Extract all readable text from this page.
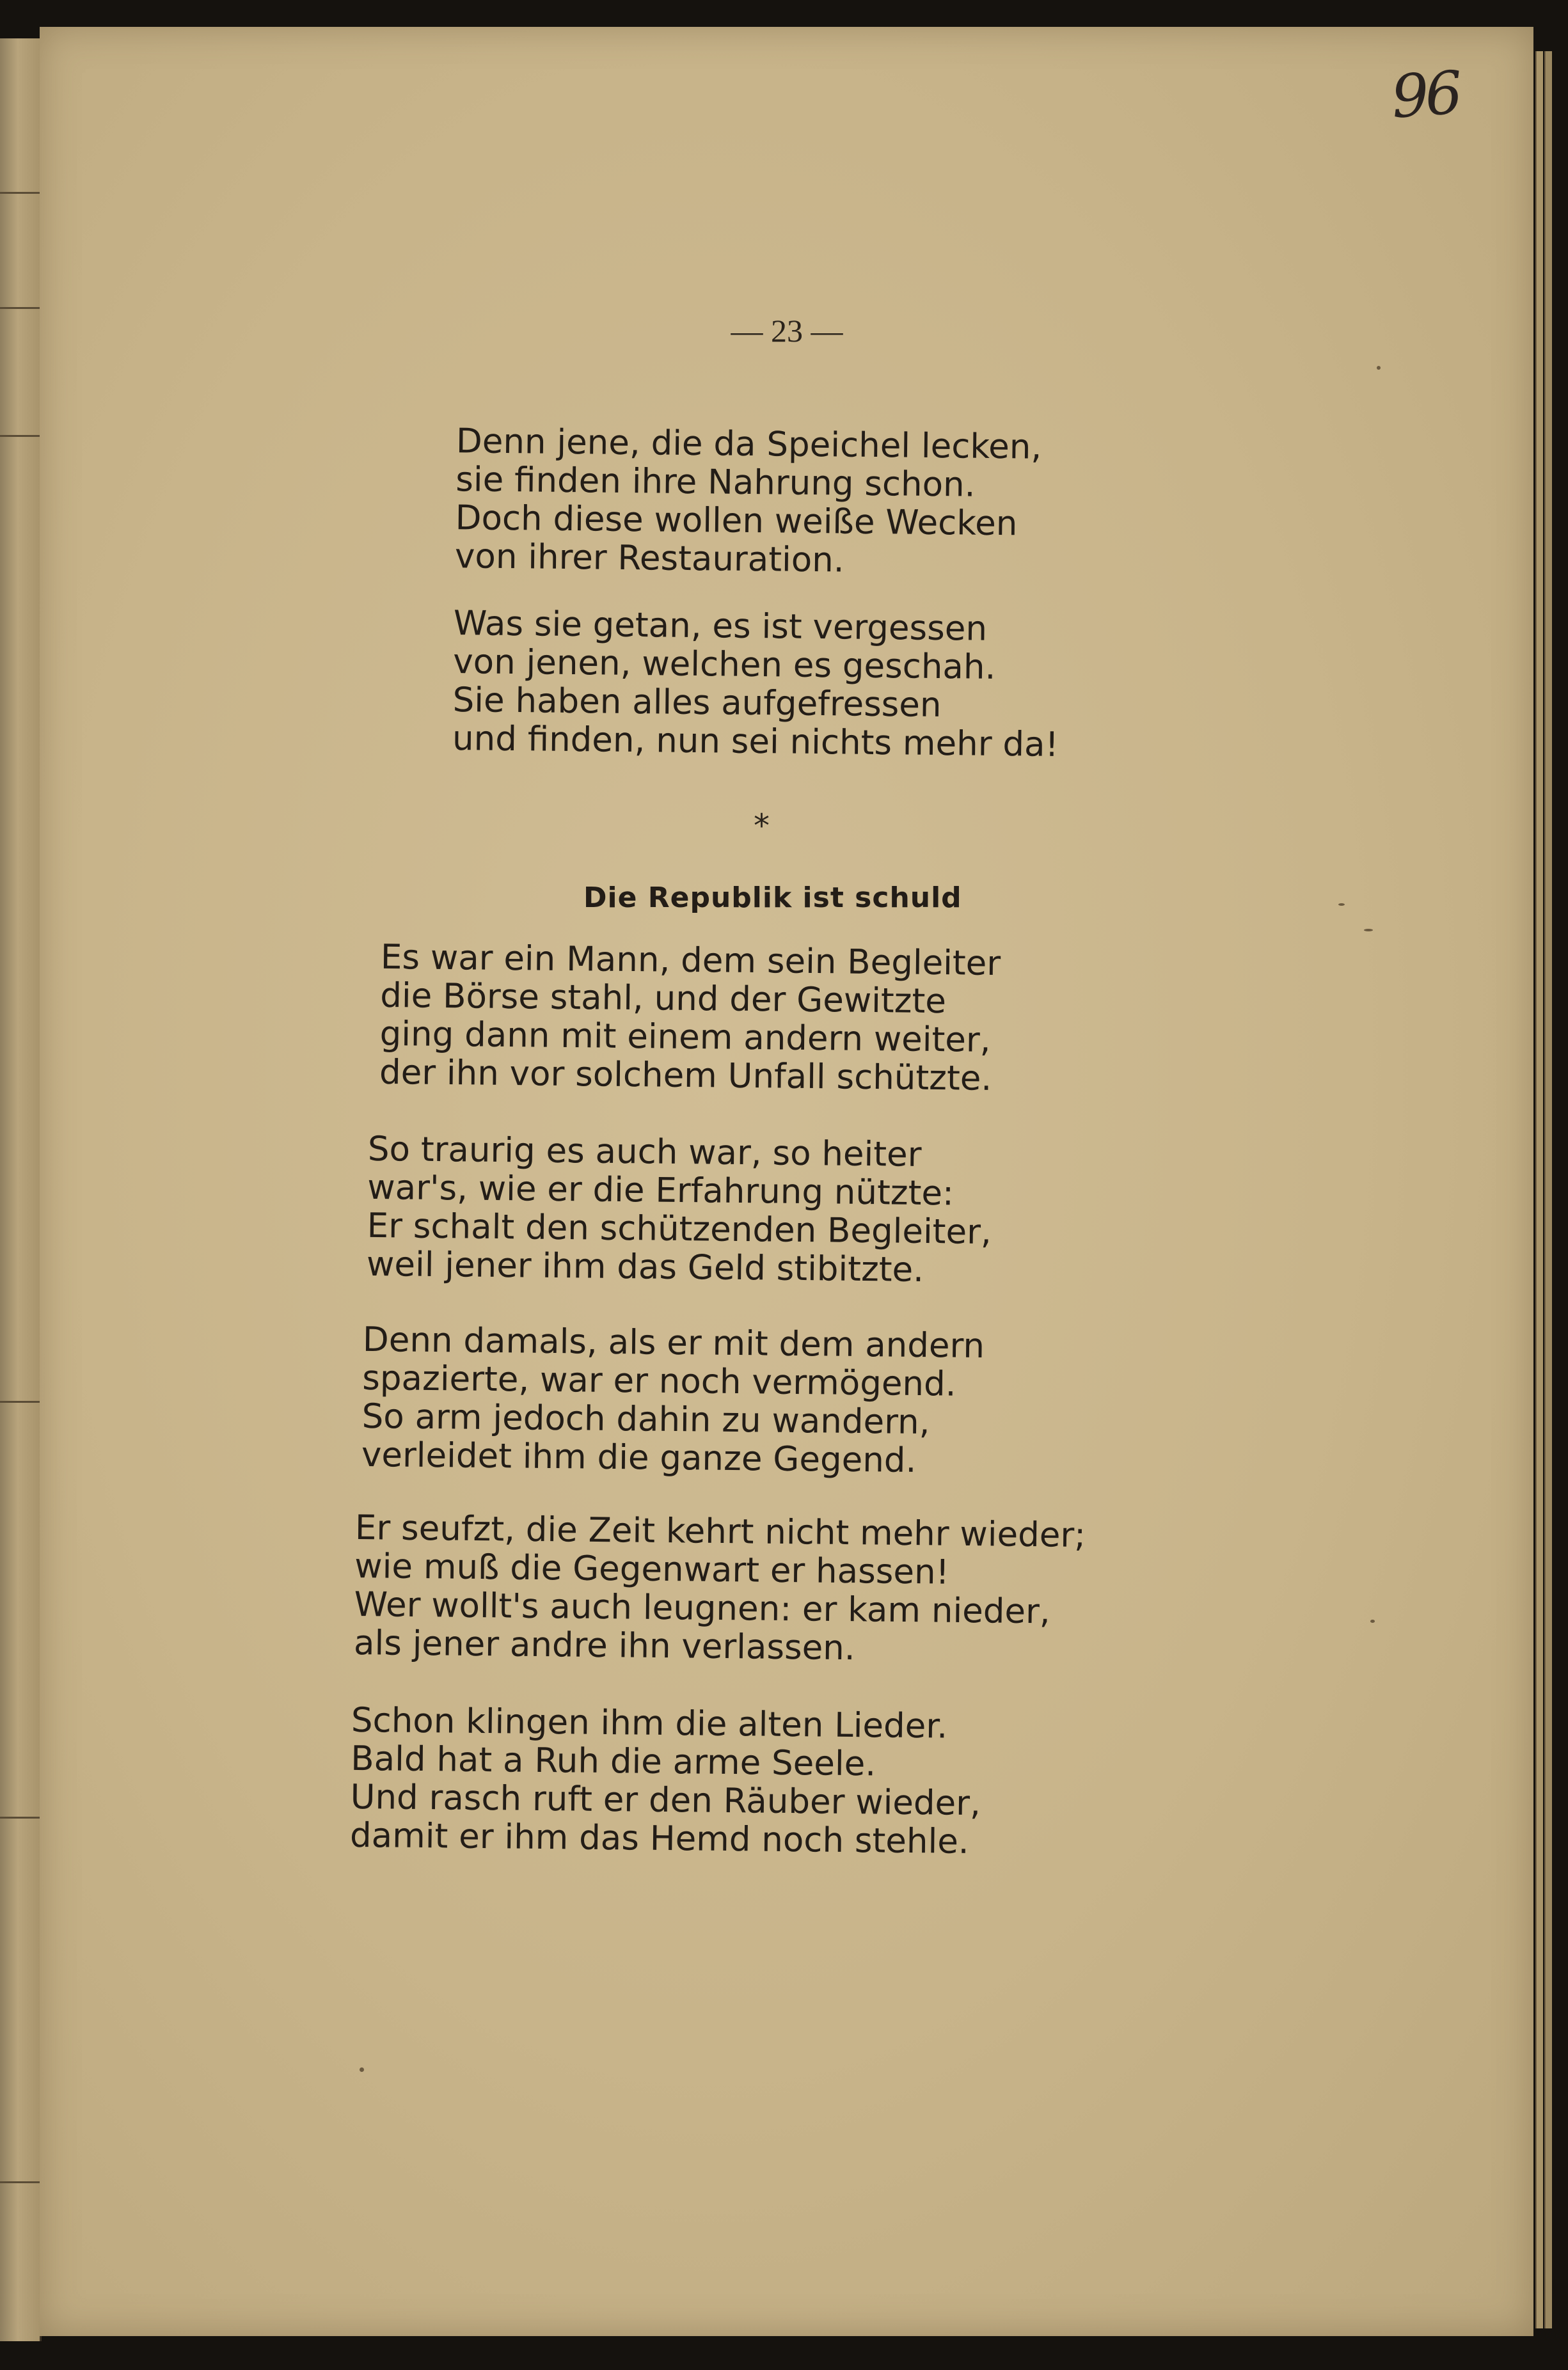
96
— 23 —
Denn jene, die da Speichel lecken,
sie finden ihre Nahrung schon.
Doch diese wollen weiße Wecken
von ihrer Restauration.
Was sie getan, es ist vergessen
von jenen, welchen es geschah.
Sie haben alles aufgefressen
und finden, nun sei nichts mehr da!
*
Die Republik ist schuld
Es war ein Mann, dem sein Begleiter
die Börse stahl, und der Gewitzte
ging dann mit einem andern weiter,
der ihn vor solchem Unfall schützte.
So traurig es auch war, so heiter
war's, wie er die Erfahrung nützte:
Er schalt den schützenden Begleiter,
weil jener ihm das Geld stibitzte.
Denn damals, als er mit dem andern
spazierte, war er noch vermögend.
So arm jedoch dahin zu wandern,
verleidet ihm die ganze Gegend.
Er seufzt, die Zeit kehrt nicht mehr wieder;
wie muß die Gegenwart er hassen!
Wer wollt's auch leugnen: er kam nieder,
als jener andre ihn verlassen.
Schon klingen ihm die alten Lieder.
Bald hat a Ruh die arme Seele.
Und rasch ruft er den Räuber wieder,
damit er ihm das Hemd noch stehle.
